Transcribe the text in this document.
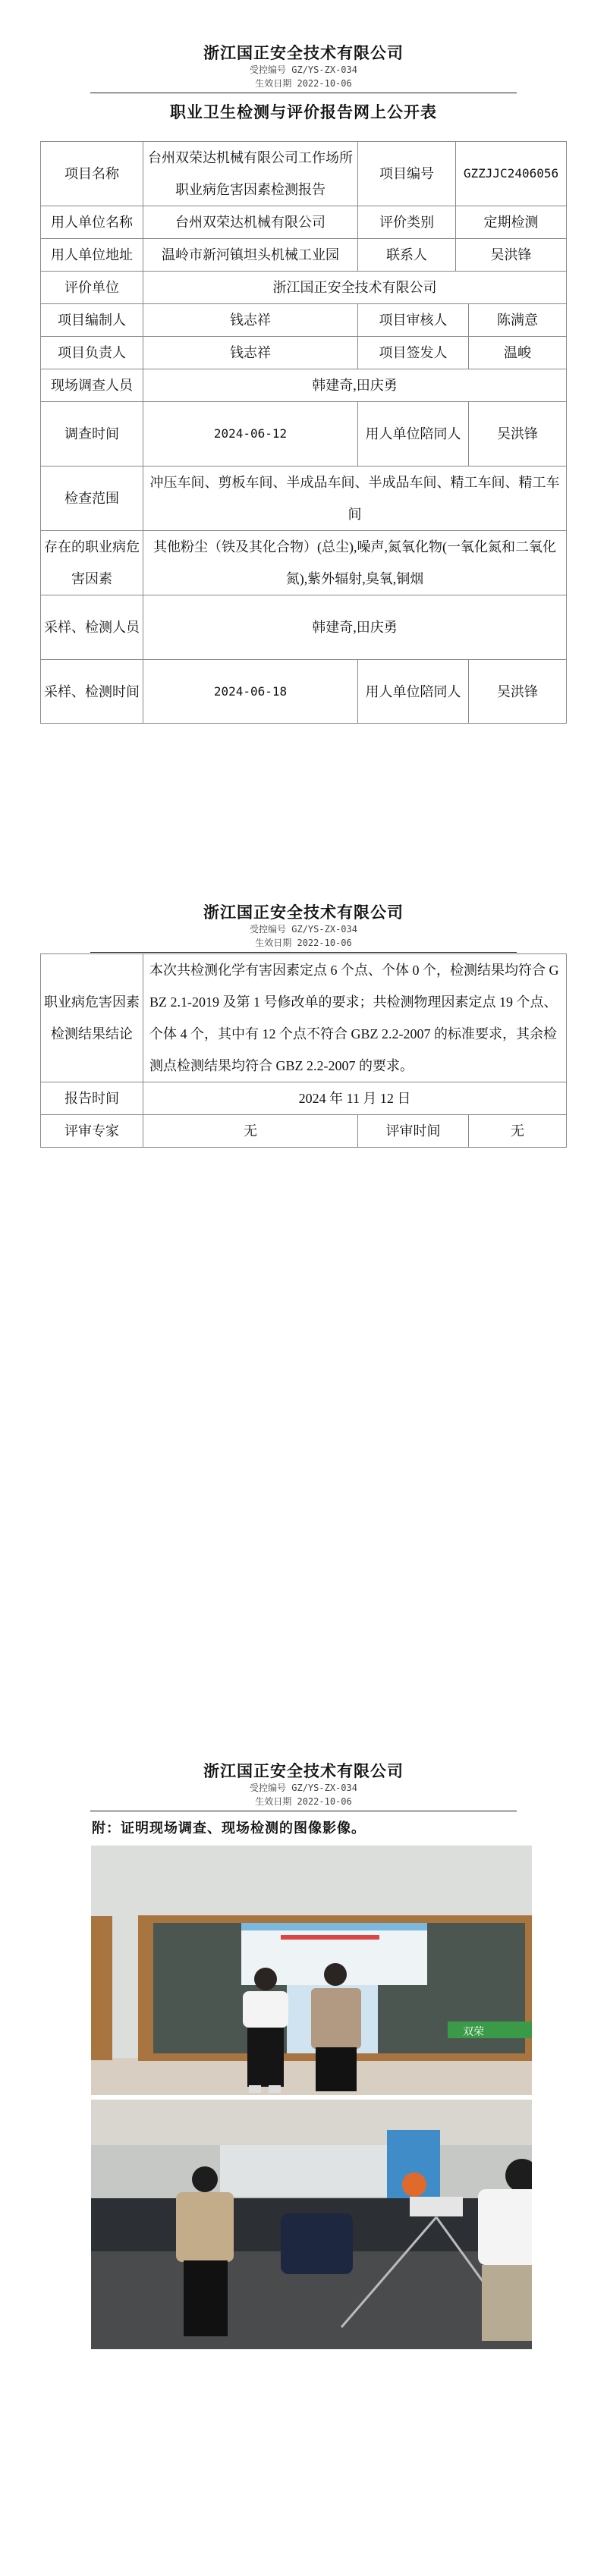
浙江国正安全技术有限公司
受控编号 GZ/YS-ZX-034
生效日期 2022-10-06
职业卫生检测与评价报告网上公开表
项目名称	台州双荣达机械有限公司工作场所职业病危害因素检测报告	项目编号	GZZJJC2406056	
用人单位名称	台州双荣达机械有限公司	评价类别	定期检测	
用人单位地址	温岭市新河镇坦头机械工业园	联系人	吴洪锋	
评价单位	浙江国正安全技术有限公司			
项目编制人	钱志祥	项目审核人		陈满意
项目负责人	钱志祥	项目签发人		温峻
现场调查人员	韩建奇,田庆勇			
调查时间	2024-06-12	用人单位陪同人		吴洪锋
检查范围	冲压车间、剪板车间、半成品车间、半成品车间、精工车间、精工车间			
存在的职业病危害因素	其他粉尘（铁及其化合物）(总尘),噪声,氮氧化物(一氧化氮和二氧化氮),紫外辐射,臭氧,铜烟			
采样、检测人员	韩建奇,田庆勇			
采样、检测时间	2024-06-18	用人单位陪同人		吴洪锋
浙江国正安全技术有限公司
受控编号 GZ/YS-ZX-034
生效日期 2022-10-06
职业病危害因素检测结果结论	本次共检测化学有害因素定点 6 个点、个体 0 个，检测结果均符合 GBZ 2.1-2019 及第 1 号修改单的要求；共检测物理因素定点 19 个点、个体 4 个，其中有 12 个点不符合 GBZ 2.2-2007 的标准要求，其余检测点检测结果均符合 GBZ 2.2-2007 的要求。		
报告时间	2024 年 11 月 12 日		
评审专家	无	评审时间	无
浙江国正安全技术有限公司
受控编号 GZ/YS-ZX-034
生效日期 2022-10-06
附：证明现场调查、现场检测的图像影像。
双荣
